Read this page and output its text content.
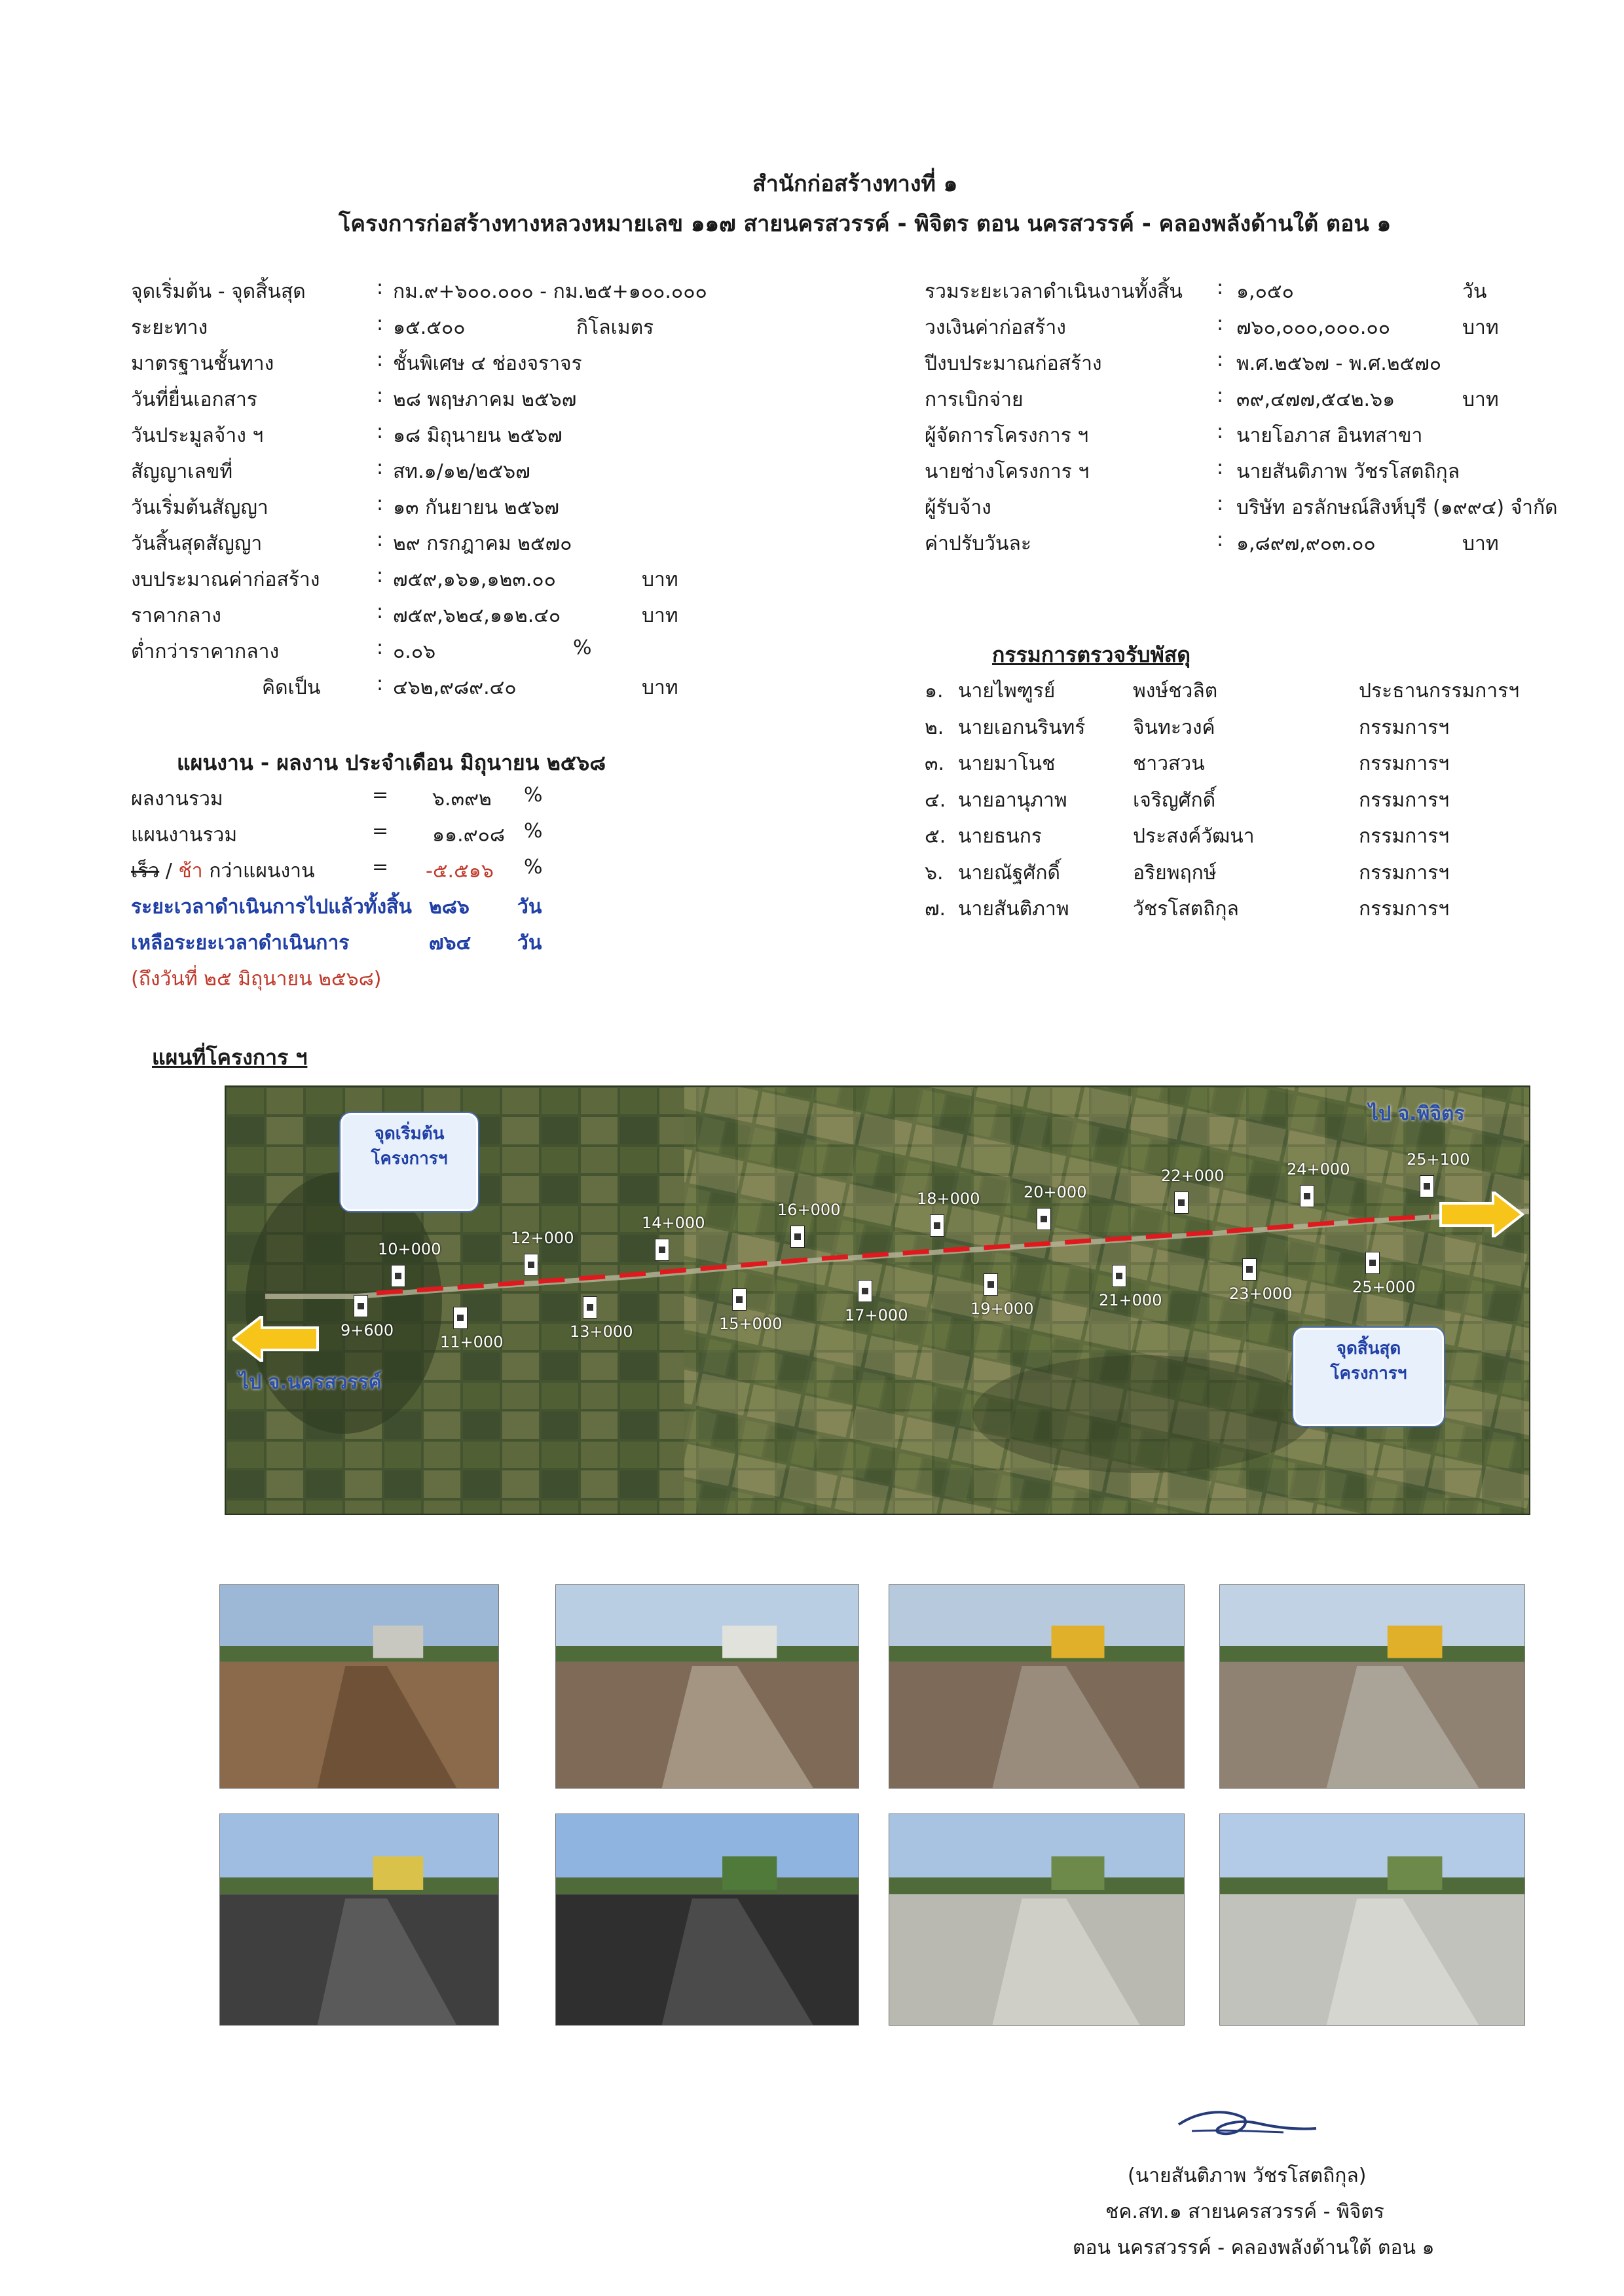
สำนักก่อสร้างทางที่ ๑
โครงการก่อสร้างทางหลวงหมายเลข ๑๑๗ สายนครสวรรค์ - พิจิตร ตอน นครสวรรค์ - คลองพลังด้านใต้ ตอน ๑
จุดเริ่มต้น - จุดสิ้นสุด	: กม.๙+๖๐๐.๐๐๐ - กม.๒๕+๑๐๐.๐๐๐
ระยะทาง	: ๑๕.๕๐๐	กิโลเมตร
มาตรฐานชั้นทาง	: ชั้นพิเศษ ๔ ช่องจราจร
วันที่ยื่นเอกสาร	: ๒๘ พฤษภาคม ๒๕๖๗
วันประมูลจ้าง ฯ	: ๑๘ มิถุนายน ๒๕๖๗
สัญญาเลขที่	: สท.๑/๑๒/๒๕๖๗
วันเริ่มต้นสัญญา	: ๑๓ กันยายน ๒๕๖๗
วันสิ้นสุดสัญญา	: ๒๙ กรกฎาคม ๒๕๗๐
งบประมาณค่าก่อสร้าง	: ๗๕๙,๑๖๑,๑๒๓.๐๐	บาท
ราคากลาง	: ๗๕๙,๖๒๔,๑๑๒.๔๐	บาท
ต่ำกว่าราคากลาง	: ๐.๐๖	%
คิดเป็น	: ๔๖๒,๙๘๙.๔๐	บาท
รวมระยะเวลาดำเนินงานทั้งสิ้น : ๑,๐๕๐	วัน
วงเงินค่าก่อสร้าง	: ๗๖๐,๐๐๐,๐๐๐.๐๐	บาท
ปีงบประมาณก่อสร้าง	: พ.ศ.๒๕๖๗ - พ.ศ.๒๕๗๐
การเบิกจ่าย	: ๓๙,๔๗๗,๕๔๒.๖๑	บาท
ผู้จัดการโครงการ ฯ	: นายโอภาส อินทสาขา
นายช่างโครงการ ฯ	: นายสันติภาพ วัชรโสตถิกุล
ผู้รับจ้าง	: บริษัท อรลักษณ์สิงห์บุรี (๑๙๙๔) จำกัด
ค่าปรับวันละ	: ๑,๘๙๗,๙๐๓.๐๐	บาท
กรรมการตรวจรับพัสดุ
๑. นายไพฑูรย์	พงษ์ชวลิต	ประธานกรรมการฯ
๒. นายเอกนรินทร์ จินทะวงค์	กรรมการฯ
๓. นายมาโนช	ชาวสวน	กรรมการฯ
๔. นายอานุภาพ	เจริญศักดิ์	กรรมการฯ
๕. นายธนกร	ประสงค์วัฒนา	กรรมการฯ
๖. นายณัฐศักดิ์	อริยพฤกษ์	กรรมการฯ
๗. นายสันติภาพ	วัชรโสตถิกุล	กรรมการฯ
แผนงาน - ผลงาน ประจำเดือน มิถุนายน ๒๕๖๘
ผลงานรวม	= ๖.๓๙๒ %
แผนงานรวม	= ๑๑.๙๐๘ %
เร็ว / ช้า กว่าแผนงาน	= -๕.๕๑๖ %
ระยะเวลาดำเนินการไปแล้วทั้งสิ้น ๒๘๖ วัน
เหลือระยะเวลาดำเนินการ	๗๖๔ วัน
(ถึงวันที่ ๒๕ มิถุนายน ๒๕๖๘)
แผนที่โครงการ ฯ
ไป จ.นครสวรรค์
ไป จ.พิจิตร
จุดเริ่มต้น
โครงการฯ
จุดสิ้นสุด
โครงการฯ
9+600
10+000
11+000
12+000
13+000
14+000
15+000
16+000
17+000
18+000
19+000
20+000
21+000
22+000
23+000
24+000
25+000
25+100
(นายสันติภาพ วัชรโสตถิกุล)
ชค.สท.๑ สายนครสวรรค์ - พิจิตร
ตอน นครสวรรค์ - คลองพลังด้านใต้ ตอน ๑
